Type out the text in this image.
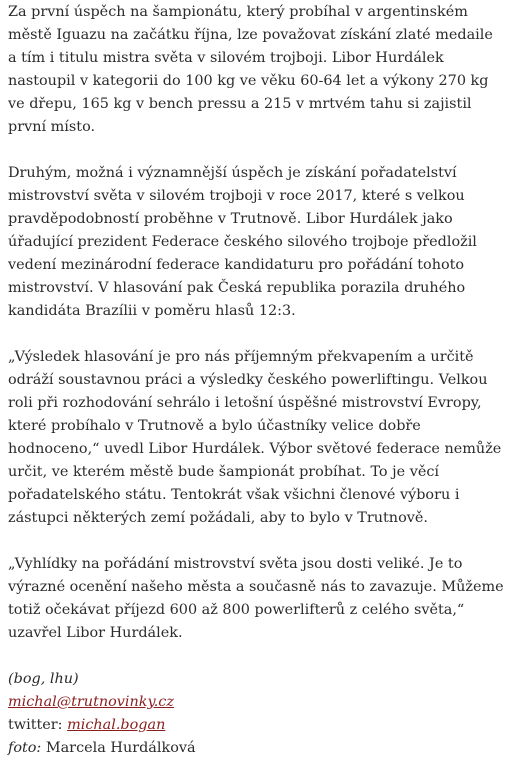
Za první úspěch na šampionátu, který probíhal v argentinském městě Iguazu na začátku října, lze považovat získání zlaté medaile a tím i titulu mistra světa v silovém trojboji. Libor Hurdálek nastoupil v kategorii do 100 kg ve věku 60-64 let a výkony 270 kg ve dřepu, 165 kg v bench pressu a 215 v mrtvém tahu si zajistil první místo.

Druhým, možná i významnější úspěch je získání pořadatelství mistrovství světa v silovém trojboji v roce 2017, které s velkou pravděpodobností proběhne v Trutnově. Libor Hurdálek jako úřadující prezident Federace českého silového trojboje předložil vedení mezinárodní federace kandidaturu pro pořádání tohoto mistrovství. V hlasování pak Česká republika porazila druhého kandidáta Brazílii v poměru hlasů 12:3.

„Výsledek hlasování je pro nás příjemným překvapením a určitě odráží soustavnou práci a výsledky českého powerliftingu. Velkou roli při rozhodování sehrálo i letošní úspěšné mistrovství Evropy, které probíhalo v Trutnově a bylo účastníky velice dobře hodnoceno,“ uvedl Libor Hurdálek. Výbor světové federace nemůže určit, ve kterém městě bude šampionát probíhat. To je věcí pořadatelského státu. Tentokrát však všichni členové výboru i zástupci některých zemí požádali, aby to bylo v Trutnově.

„Vyhlídky na pořádání mistrovství světa jsou dosti veliké. Je to výrazné ocenění našeho města a současně nás to zavazuje. Můžeme totiž očekávat příjezd 600 až 800 powerlifterů z celého světa,“ uzavřel Libor Hurdálek.

(bog, lhu)
michal@trutnovinky.cz
twitter: michal.bogan
foto: Marcela Hurdálková
